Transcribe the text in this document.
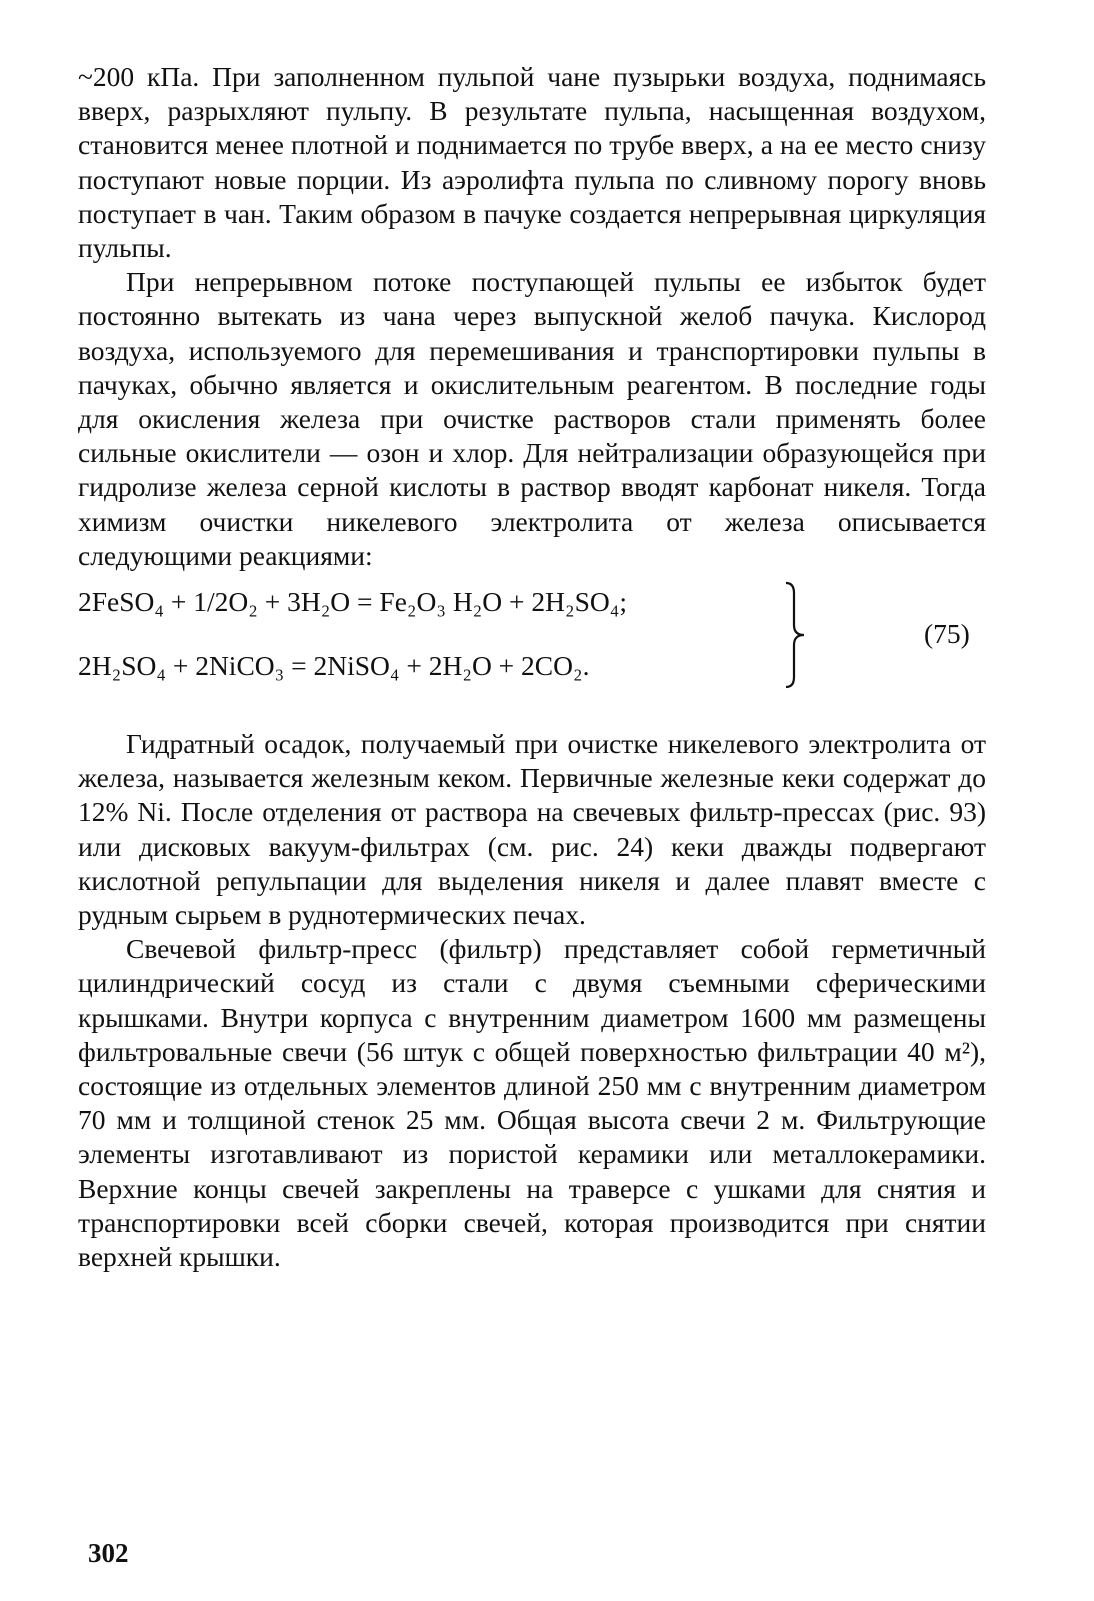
~200 кПа. При заполненном пульпой чане пузырьки воздуха, поднимаясь вверх, разрыхляют пульпу. В результате пульпа, насыщенная воздухом, становится менее плотной и поднимается по трубе вверх, а на ее место снизу поступают новые порции. Из аэролифта пульпа по сливному порогу вновь поступает в чан. Таким образом в пачуке создается непрерывная циркуляция пульпы.

При непрерывном потоке поступающей пульпы ее избыток будет постоянно вытекать из чана через выпускной желоб пачука. Кислород воздуха, используемого для перемешивания и транспортировки пульпы в пачуках, обычно является и окислительным реагентом. В последние годы для окисления железа при очистке растворов стали применять более сильные окислители — озон и хлор. Для нейтрализации образующейся при гидролизе железа серной кислоты в раствор вводят карбонат никеля. Тогда химизм очистки никелевого электролита от железа описывается следующими реакциями:

2FeSO₄ + 1/2O₂ + 3H₂O = Fe₂O₃ H₂O + 2H₂SO₄;
2H₂SO₄ + 2NiCO₃ = 2NiSO₄ + 2H₂O + 2CO₂.
(75)

Гидратный осадок, получаемый при очистке никелевого электролита от железа, называется железным кеком. Первичные железные кеки содержат до 12% Ni. После отделения от раствора на свечевых фильтр-прессах (рис. 93) или дисковых вакуум-фильтрах (см. рис. 24) кеки дважды подвергают кислотной репульпации для выделения никеля и далее плавят вместе с рудным сырьем в руднотермических печах.

Свечевой фильтр-пресс (фильтр) представляет собой герметичный цилиндрический сосуд из стали с двумя съемными сферическими крышками. Внутри корпуса с внутренним диаметром 1600 мм размещены фильтровальные свечи (56 штук с общей поверхностью фильтрации 40 м²), состоящие из отдельных элементов длиной 250 мм с внутренним диаметром 70 мм и толщиной стенок 25 мм. Общая высота свечи 2 м. Фильтрующие элементы изготавливают из пористой керамики или металлокерамики. Верхние концы свечей закреплены на траверсе с ушками для снятия и транспортировки всей сборки свечей, которая производится при снятии верхней крышки.

302
